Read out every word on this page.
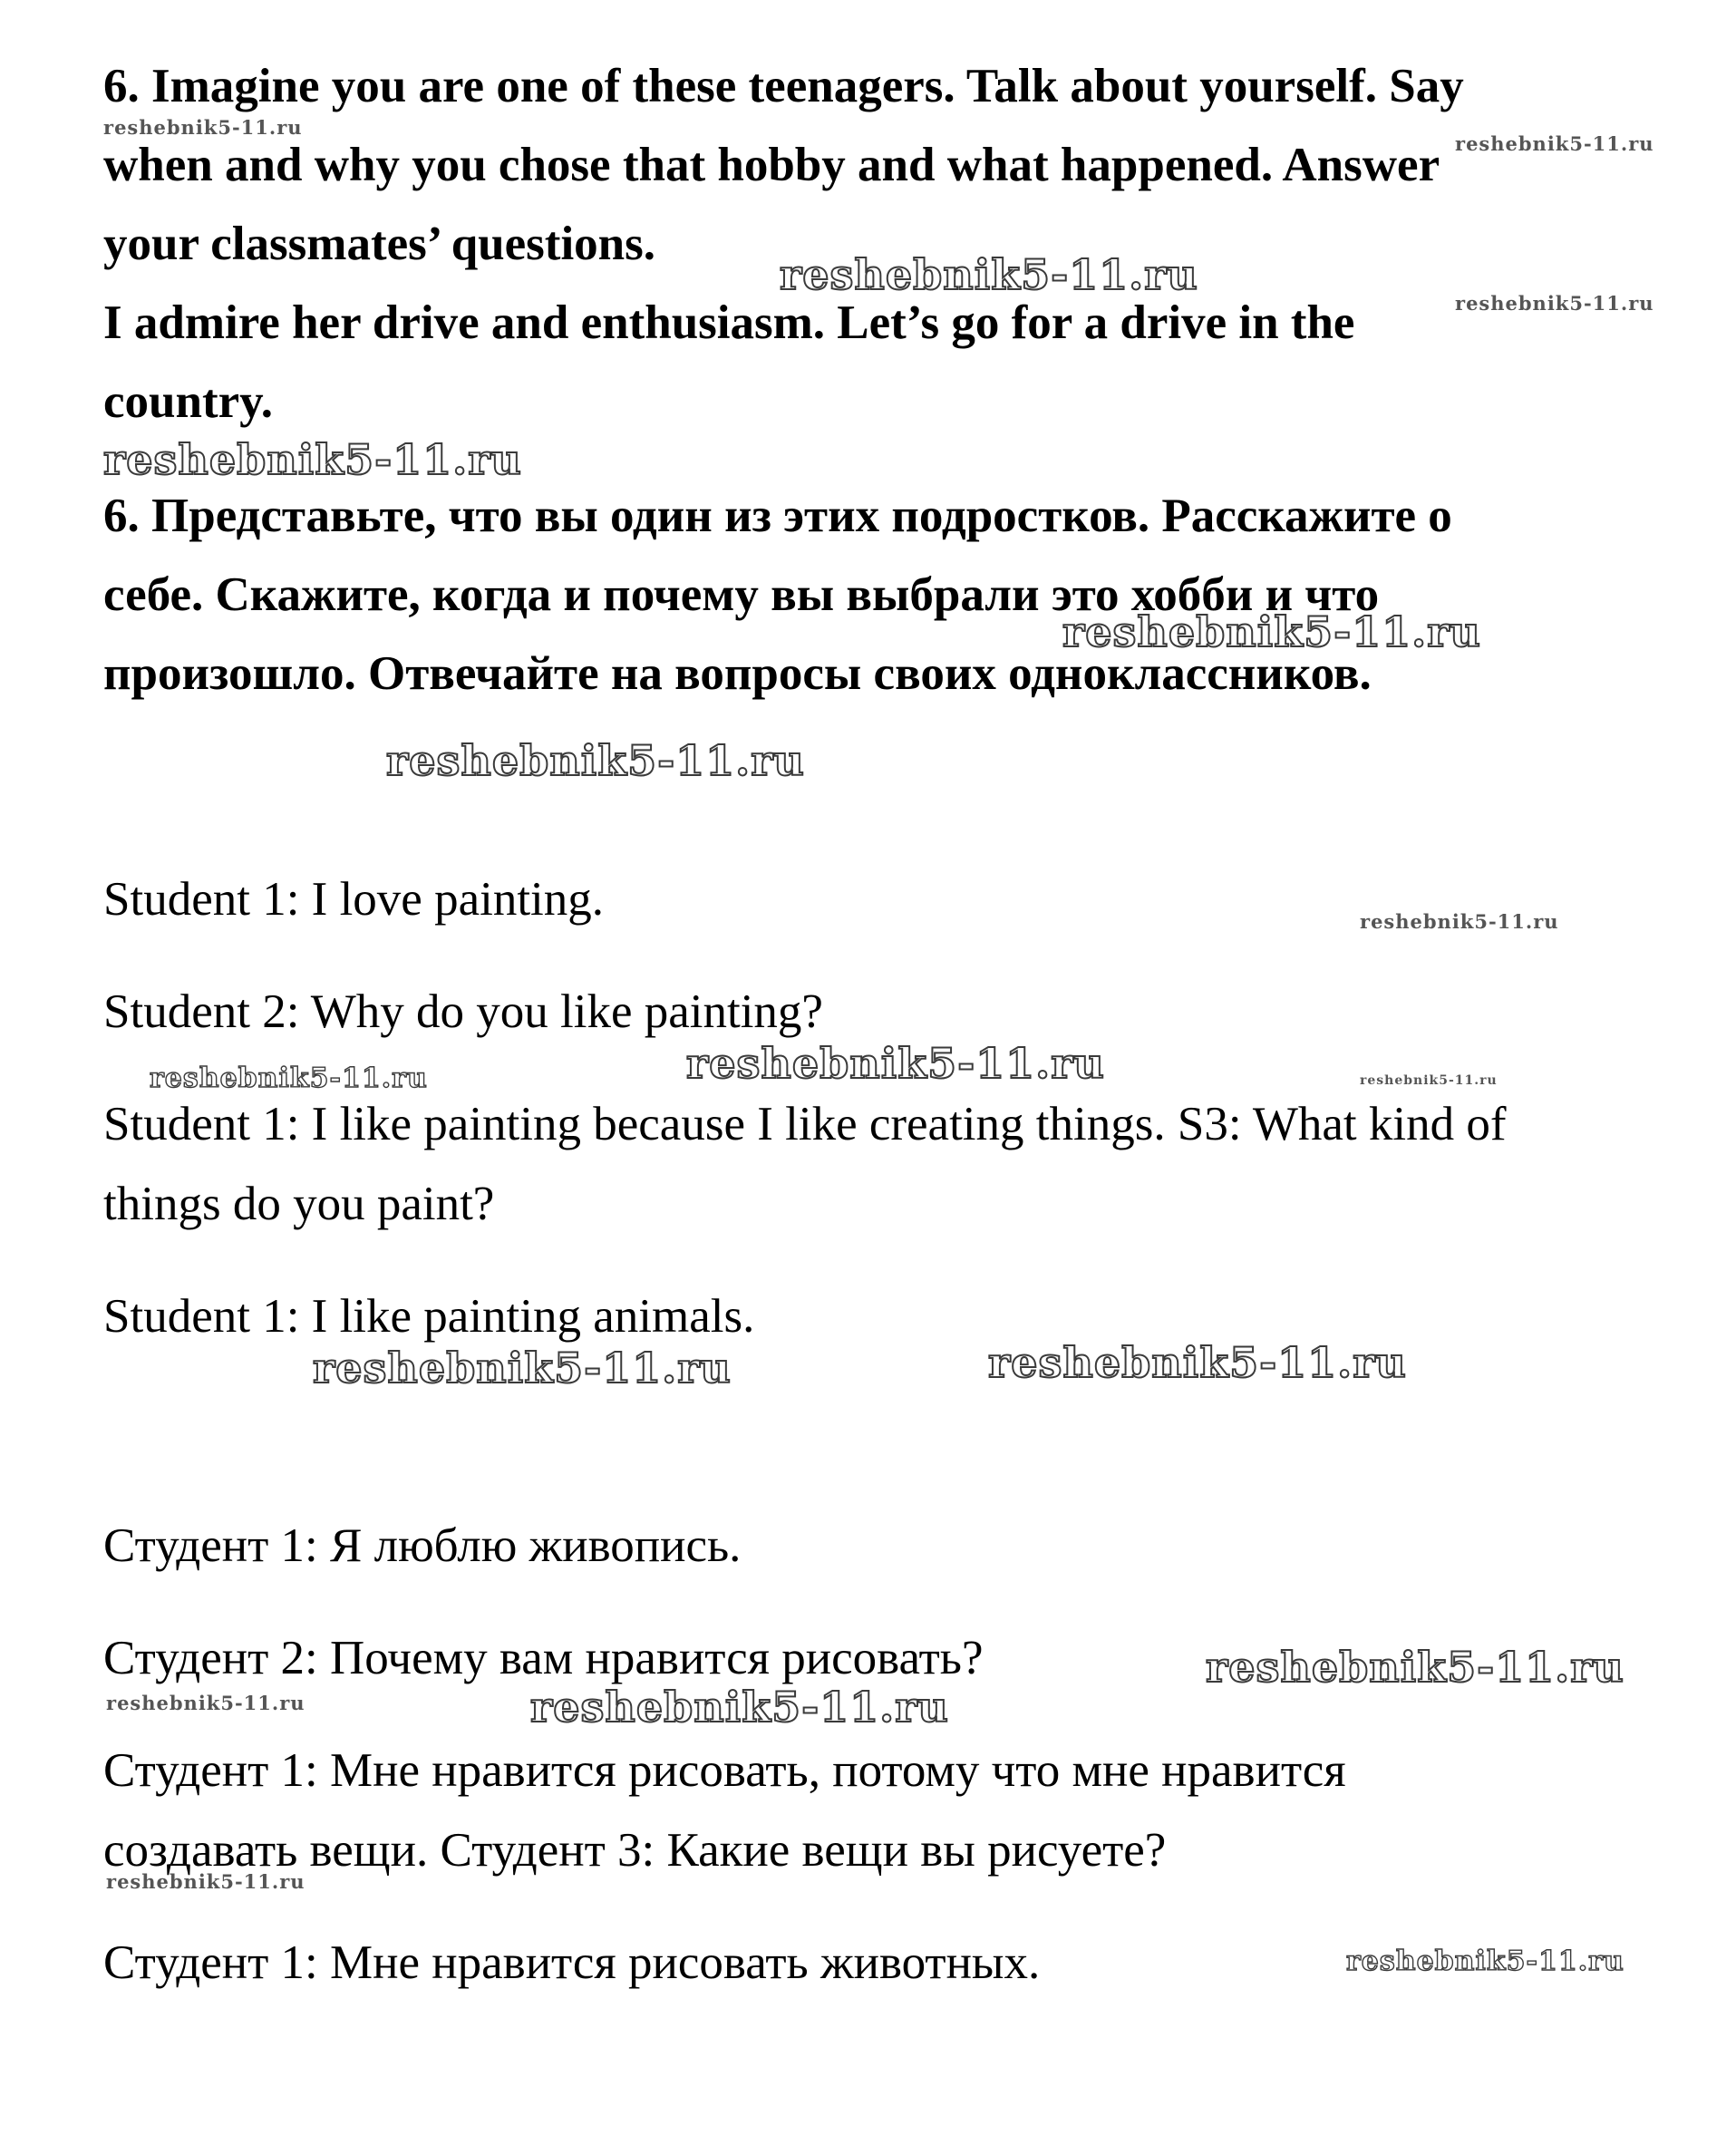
6. Imagine you are one of these teenagers. Talk about yourself. Say
when and why you chose that hobby and what happened. Answer
your classmates’ questions.
I admire her drive and enthusiasm. Let’s go for a drive in the
country.
6. Представьте, что вы один из этих подростков. Расскажите о
себе. Скажите, когда и почему вы выбрали это хобби и что
произошло. Отвечайте на вопросы своих одноклассников.
Student 1: I love painting.
Student 2: Why do you like painting?
Student 1: I like painting because I like creating things. S3: What kind of
things do you paint?
Student 1: I like painting animals.
Студент 1: Я люблю живопись.
Студент 2: Почему вам нравится рисовать?
Студент 1: Мне нравится рисовать, потому что мне нравится
создавать вещи. Студент 3: Какие вещи вы рисуете?
Студент 1: Мне нравится рисовать животных.
reshebnik5-11.ru
reshebnik5-11.ru
reshebnik5-11.ru
reshebnik5-11.ru
reshebnik5-11.ru
reshebnik5-11.ru
reshebnik5-11.ru
reshebnik5-11.ru
reshebnik5-11.ru	reshebnik5-11.ru	reshebnik5-11.ru
reshebnik5-11.ru	reshebnik5-11.ru
reshebnik5-11.ru
reshebnik5-11.ru	reshebnik5-11.ru
reshebnik5-11.ru
reshebnik5-11.ru
